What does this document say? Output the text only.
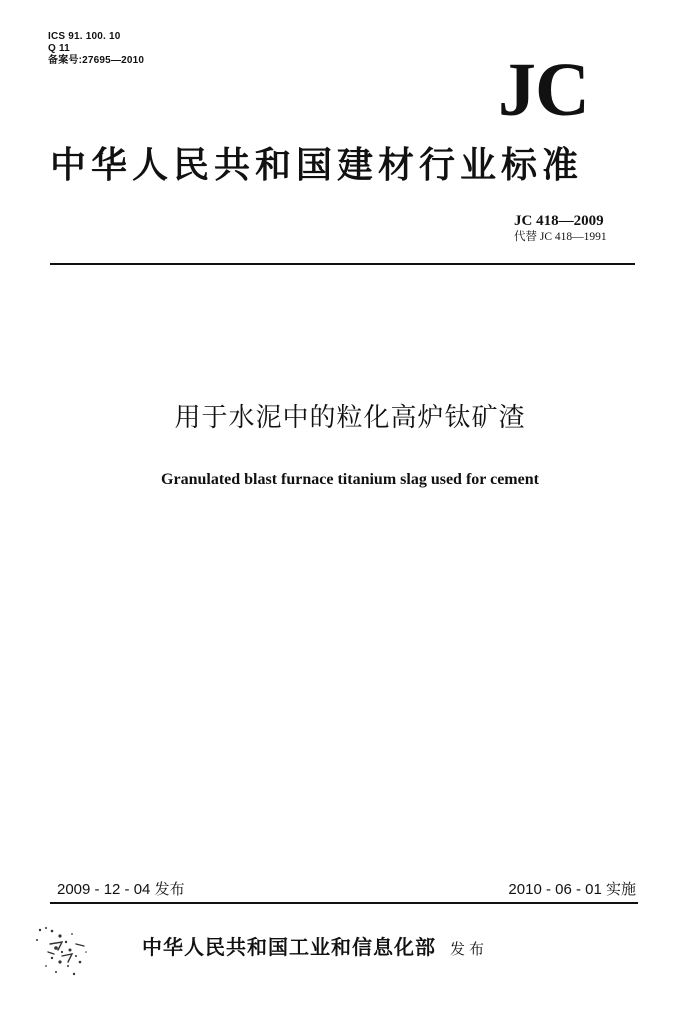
ICS 91. 100. 10
Q 11
备案号:27695—2010	JC
中华人民共和国建材行业标准
JC 418—2009
代替 JC 418—1991
用于水泥中的粒化高炉钛矿渣
Granulated blast furnace titanium slag used for cement
2009 - 12 - 04 发布	2010 - 06 - 01 实施
中华人民共和国工业和信息化部 发布
